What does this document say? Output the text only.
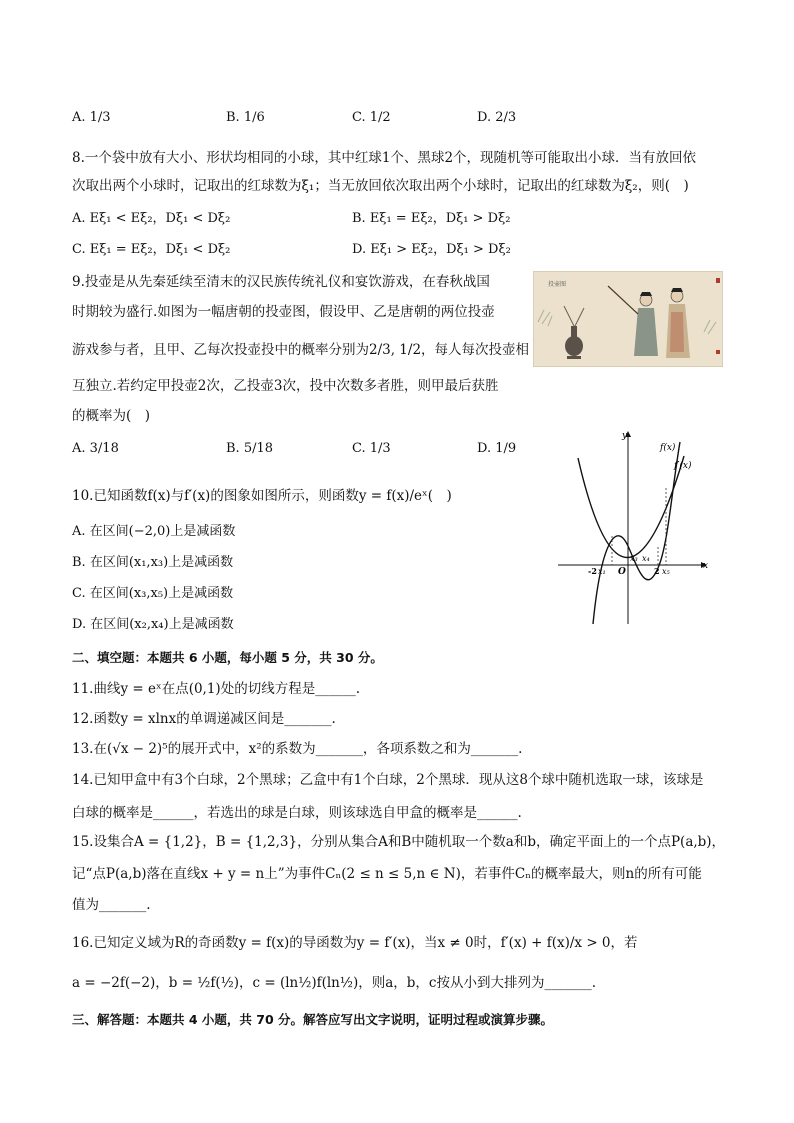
A. 1/3	B. 1/6	C. 1/2	D. 2/3
8.一个袋中放有大小、形状均相同的小球，其中红球1个、黑球2个，现随机等可能取出小球．当有放回依
次取出两个小球时，记取出的红球数为ξ₁；当无放回依次取出两个小球时，记取出的红球数为ξ₂，则(　)
A. Eξ₁ < Eξ₂，Dξ₁ < Dξ₂	B. Eξ₁ = Eξ₂，Dξ₁ > Dξ₂
C. Eξ₁ = Eξ₂，Dξ₁ < Dξ₂	D. Eξ₁ > Eξ₂，Dξ₁ > Dξ₂
9.投壶是从先秦延续至清末的汉民族传统礼仪和宴饮游戏，在春秋战国
时期较为盛行.如图为一幅唐朝的投壶图，假设甲、乙是唐朝的两位投壶
游戏参与者，且甲、乙每次投壶投中的概率分别为2/3, 1/2，每人每次投壶相
互独立.若约定甲投壶2次，乙投壶3次，投中次数多者胜，则甲最后获胜
的概率为(　)
投壶图
A. 3/18	B. 5/18	C. 1/3	D. 1/9
10.已知函数f(x)与f′(x)的图象如图所示，则函数y = f(x)/eˣ(　)
A. 在区间(−2,0)上是减函数
B. 在区间(x₁,x₃)上是减函数
C. 在区间(x₃,x₅)上是减函数
D. 在区间(x₂,x₄)上是减函数
y
x
f(x)
f′(x)
-2 x₁ O
x₃ x₄
2 x₅
二、填空题：本题共 6 小题，每小题 5 分，共 30 分。
11.曲线y = eˣ在点(0,1)处的切线方程是______.
12.函数y = xlnx的单调递减区间是_______.
13.在(√x − 2)⁵的展开式中，x²的系数为_______，各项系数之和为_______.
14.已知甲盒中有3个白球，2个黑球；乙盒中有1个白球，2个黑球．现从这8个球中随机选取一球，该球是
白球的概率是______，若选出的球是白球，则该球选自甲盒的概率是______.
15.设集合A = {1,2}，B = {1,2,3}，分别从集合A和B中随机取一个数a和b，确定平面上的一个点P(a,b)，
记“点P(a,b)落在直线x + y = n上”为事件Cₙ(2 ≤ n ≤ 5,n ∈ N)，若事件Cₙ的概率最大，则n的所有可能
值为_______.
16.已知定义域为R的奇函数y = f(x)的导函数为y = f′(x)，当x ≠ 0时，f′(x) + f(x)/x > 0，若
a = −2f(−2)，b = ½f(½)，c = (ln½)f(ln½)，则a，b，c按从小到大排列为_______.
三、解答题：本题共 4 小题，共 70 分。解答应写出文字说明，证明过程或演算步骤。
